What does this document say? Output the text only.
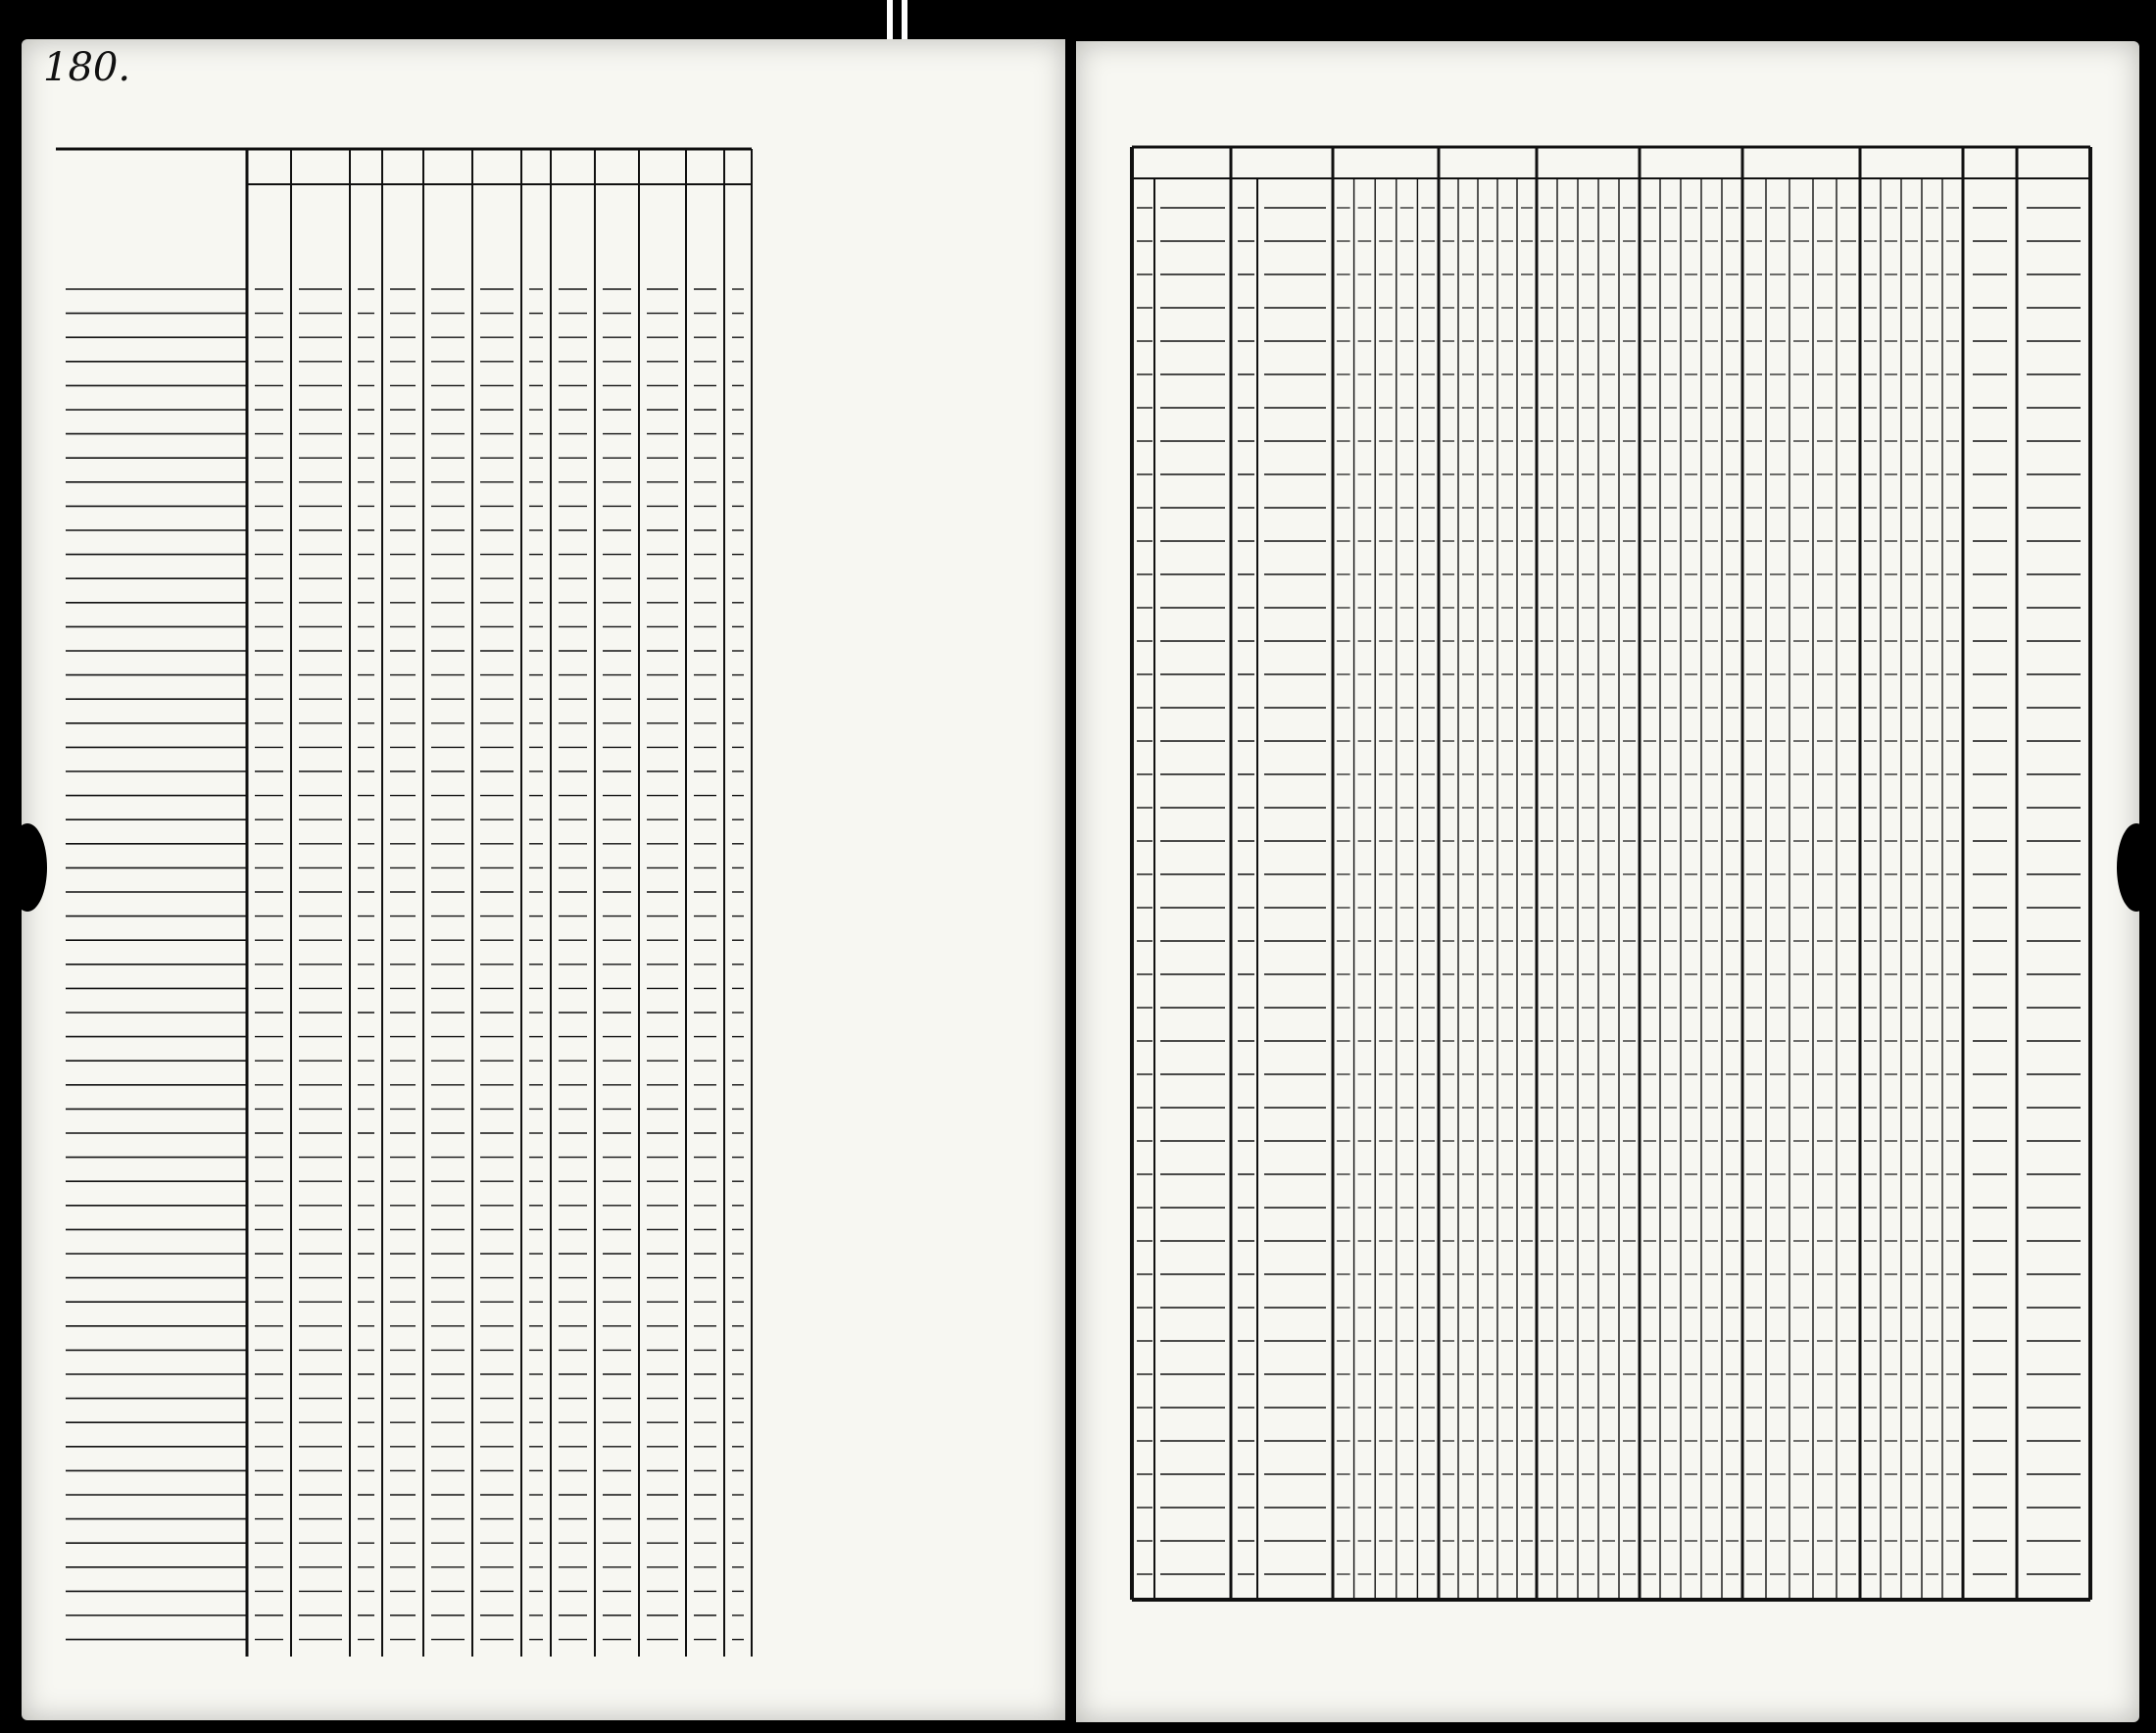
180.
